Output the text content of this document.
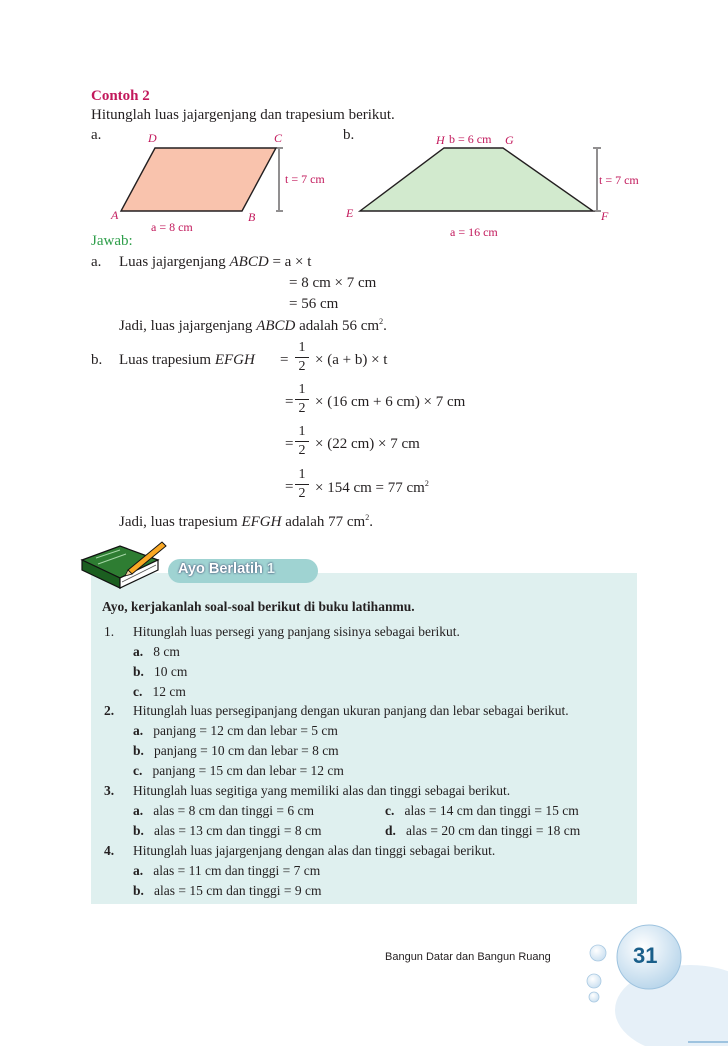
Contoh 2
Hitunglah luas jajargenjang dan trapesium berikut.
a.	b.
D	C
A	B
t = 7 cm
a = 8 cm
H b = 6 cm G
E	F
t = 7 cm
a = 16 cm
Jawab:
a. Luas jajargenjang ABCD = a × t
= 8 cm × 7 cm
= 56 cm
Jadi, luas jajargenjang ABCD adalah 56 $cm^2$.
b. Luas trapesium EFGH =
1
2 × (a + b) × t
=
1
2 × (16 cm + 6 cm) × 7 cm
=
1
2 × (22 cm) × 7 cm
=
1
2 × 154 cm = 77 $cm^2$
Jadi, luas trapesium EFGH adalah 77 $cm^2$.
Ayo Berlatih 1
Ayo, kerjakanlah soal-soal berikut di buku latihanmu.
1. Hitunglah luas persegi yang panjang sisinya sebagai berikut.
a. 8 cm
b. 10 cm
c. 12 cm
2. Hitunglah luas persegipanjang dengan ukuran panjang dan lebar sebagai berikut.
a. panjang = 12 cm dan lebar = 5 cm
b. panjang = 10 cm dan lebar = 8 cm
c. panjang = 15 cm dan lebar = 12 cm
3. Hitunglah luas segitiga yang memiliki alas dan tinggi sebagai berikut.
a. alas = 8 cm dan tinggi = 6 cm	c. alas = 14 cm dan tinggi = 15 cm
b. alas = 13 cm dan tinggi = 8 cm	d. alas = 20 cm dan tinggi = 18 cm
4. Hitunglah luas jajargenjang dengan alas dan tinggi sebagai berikut.
a. alas = 11 cm dan tinggi = 7 cm
b. alas = 15 cm dan tinggi = 9 cm
Bangun Datar dan Bangun Ruang	31
